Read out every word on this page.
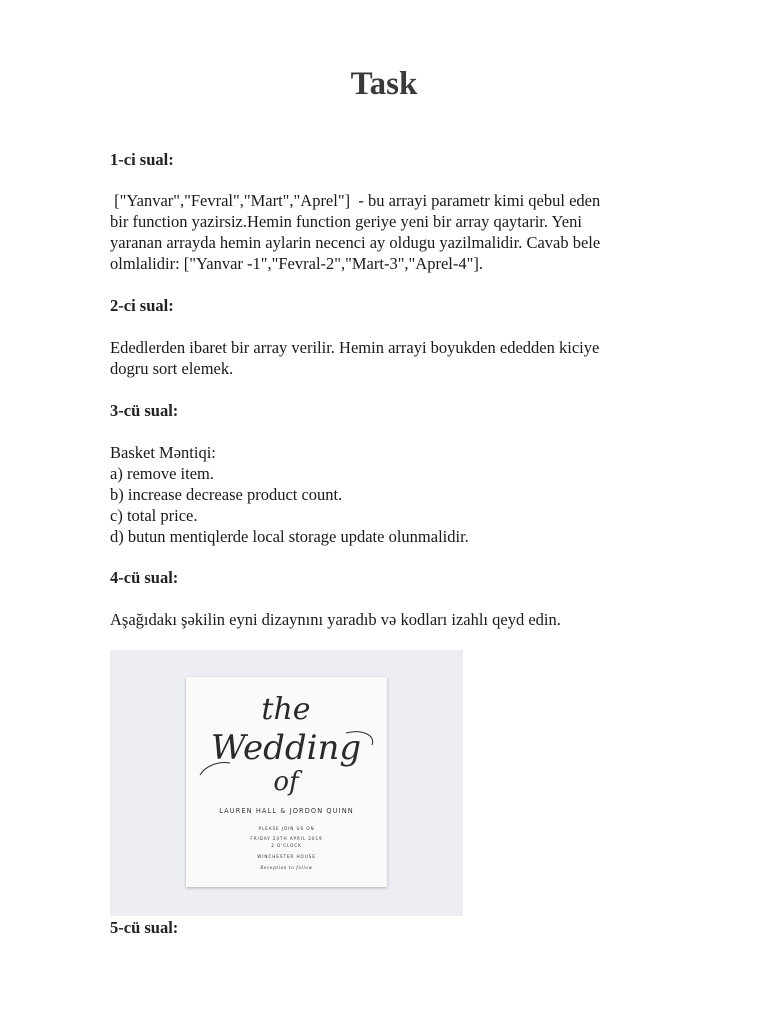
Task

1-ci sual:

["Yanvar","Fevral","Mart","Aprel"]  - bu arrayi parametr kimi qebul eden
bir function yazirsiz.Hemin function geriye yeni bir array qaytarir. Yeni
yaranan arrayda hemin aylarin necenci ay oldugu yazilmalidir. Cavab bele
olmlalidir: ["Yanvar -1","Fevral-2","Mart-3","Aprel-4"].

2-ci sual:

Ededlerden ibaret bir array verilir. Hemin arrayi boyukden ededden kiciye
dogru sort elemek.

3-cü sual:

Basket Məntiqi:
a) remove item.
b) increase decrease product count.
c) total price.
d) butun mentiqlerde local storage update olunmalidir.

4-cü sual:

Aşağıdakı şəkilin eyni dizaynını yaradıb və kodları izahlı qeyd edin.

the
Wedding
of
LAUREN HALL & JORDON QUINN
PLEASE JOIN US ON
FRIDAY 24TH APRIL 2019
2 O'CLOCK
WINCHESTER HOUSE
Reception to follow

5-cü sual:
